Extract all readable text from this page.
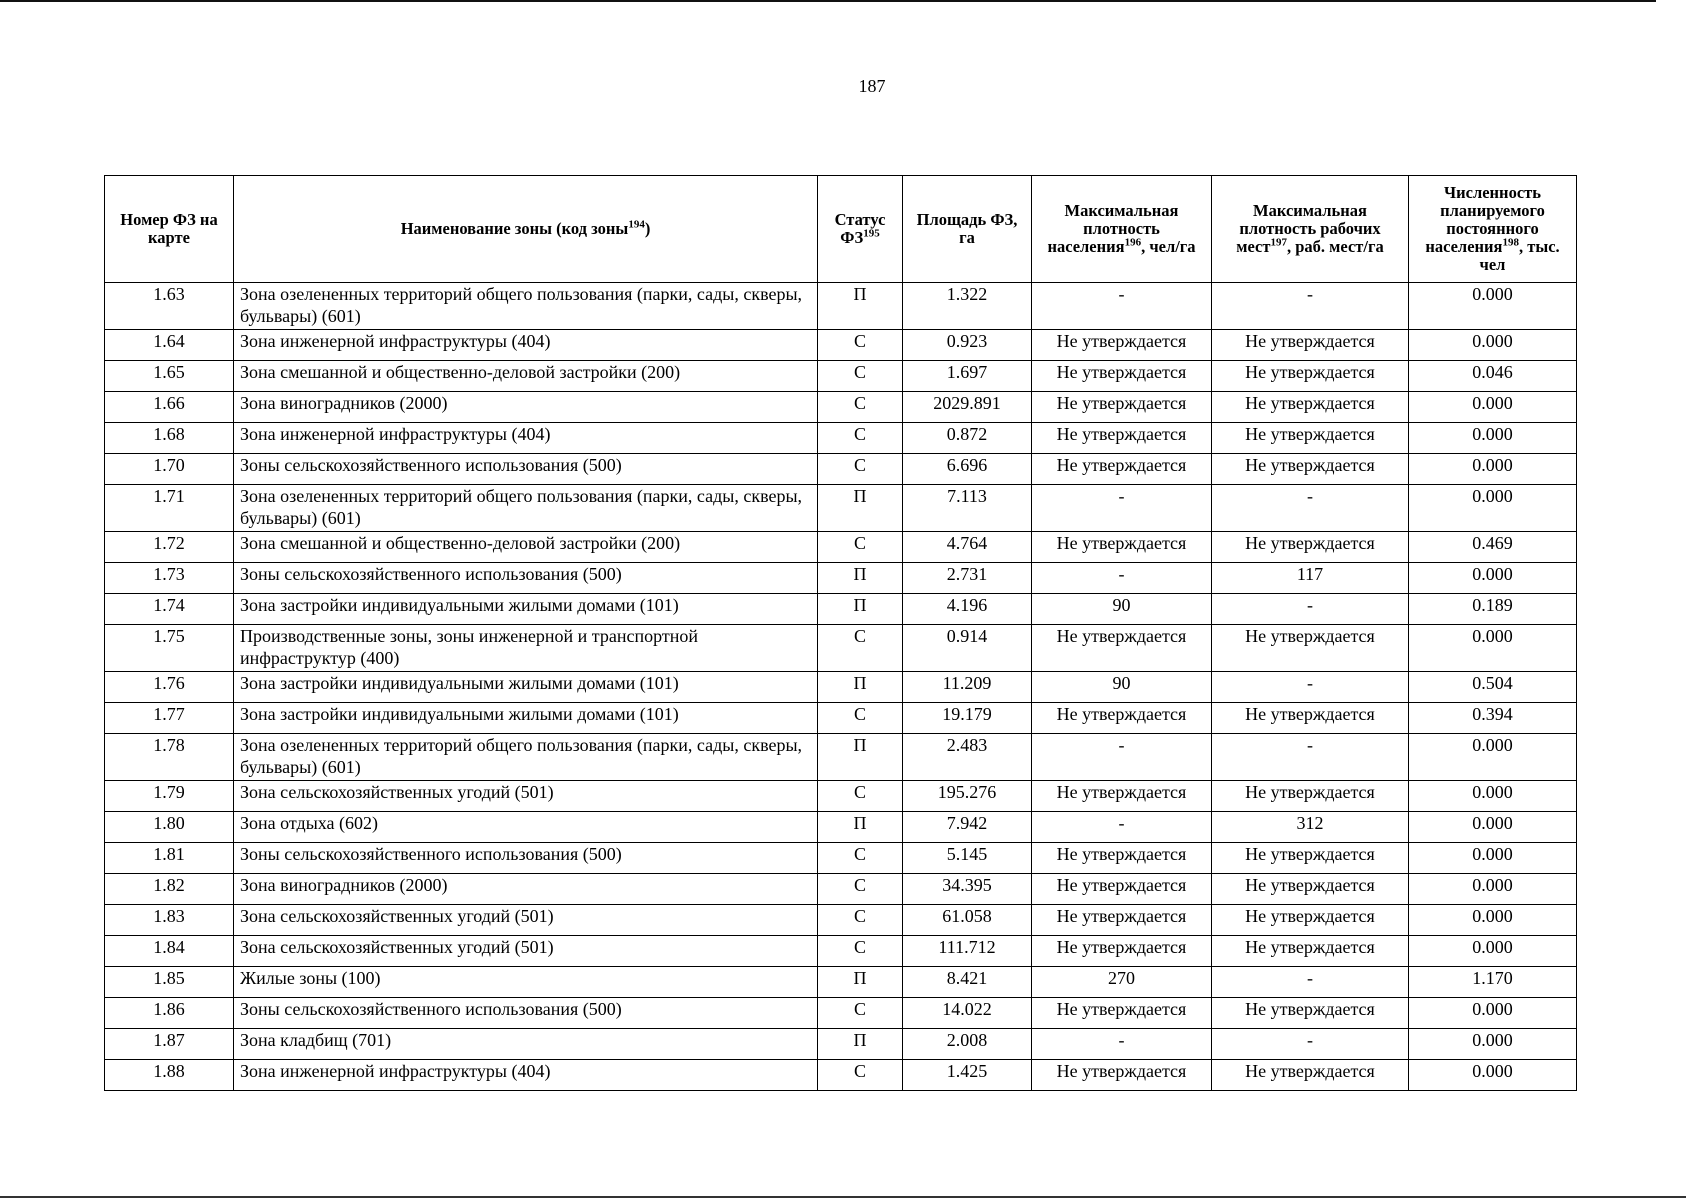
187
Номер ФЗ на карте	Наименование зоны (код зоны$^{194}$)	Статус ФЗ$^{195}$	Площадь ФЗ, га	Максимальная плотность населения$^{196}$, чел/га	Максимальная плотность рабочих мест$^{197}$, раб. мест/га	Численность планируемого постоянного населения$^{198}$, тыс. чел
1.63	Зона озелененных территорий общего пользования (парки, сады, скверы, бульвары) (601)	П	1.322	-	-	0.000
1.64	Зона инженерной инфраструктуры (404)	С	0.923	Не утверждается	Не утверждается	0.000
1.65	Зона смешанной и общественно-деловой застройки (200)	С	1.697	Не утверждается	Не утверждается	0.046
1.66	Зона виноградников (2000)	С	2029.891	Не утверждается	Не утверждается	0.000
1.68	Зона инженерной инфраструктуры (404)	С	0.872	Не утверждается	Не утверждается	0.000
1.70	Зоны сельскохозяйственного использования (500)	С	6.696	Не утверждается	Не утверждается	0.000
1.71	Зона озелененных территорий общего пользования (парки, сады, скверы, бульвары) (601)	П	7.113	-	-	0.000
1.72	Зона смешанной и общественно-деловой застройки (200)	С	4.764	Не утверждается	Не утверждается	0.469
1.73	Зоны сельскохозяйственного использования (500)	П	2.731	-	117	0.000
1.74	Зона застройки индивидуальными жилыми домами (101)	П	4.196	90	-	0.189
1.75	Производственные зоны, зоны инженерной и транспортной инфраструктур (400)	С	0.914	Не утверждается	Не утверждается	0.000
1.76	Зона застройки индивидуальными жилыми домами (101)	П	11.209	90	-	0.504
1.77	Зона застройки индивидуальными жилыми домами (101)	С	19.179	Не утверждается	Не утверждается	0.394
1.78	Зона озелененных территорий общего пользования (парки, сады, скверы, бульвары) (601)	П	2.483	-	-	0.000
1.79	Зона сельскохозяйственных угодий (501)	С	195.276	Не утверждается	Не утверждается	0.000
1.80	Зона отдыха (602)	П	7.942	-	312	0.000
1.81	Зоны сельскохозяйственного использования (500)	С	5.145	Не утверждается	Не утверждается	0.000
1.82	Зона виноградников (2000)	С	34.395	Не утверждается	Не утверждается	0.000
1.83	Зона сельскохозяйственных угодий (501)	С	61.058	Не утверждается	Не утверждается	0.000
1.84	Зона сельскохозяйственных угодий (501)	С	111.712	Не утверждается	Не утверждается	0.000
1.85	Жилые зоны (100)	П	8.421	270	-	1.170
1.86	Зоны сельскохозяйственного использования (500)	С	14.022	Не утверждается	Не утверждается	0.000
1.87	Зона кладбищ (701)	П	2.008	-	-	0.000
1.88	Зона инженерной инфраструктуры (404)	С	1.425	Не утверждается	Не утверждается	0.000
